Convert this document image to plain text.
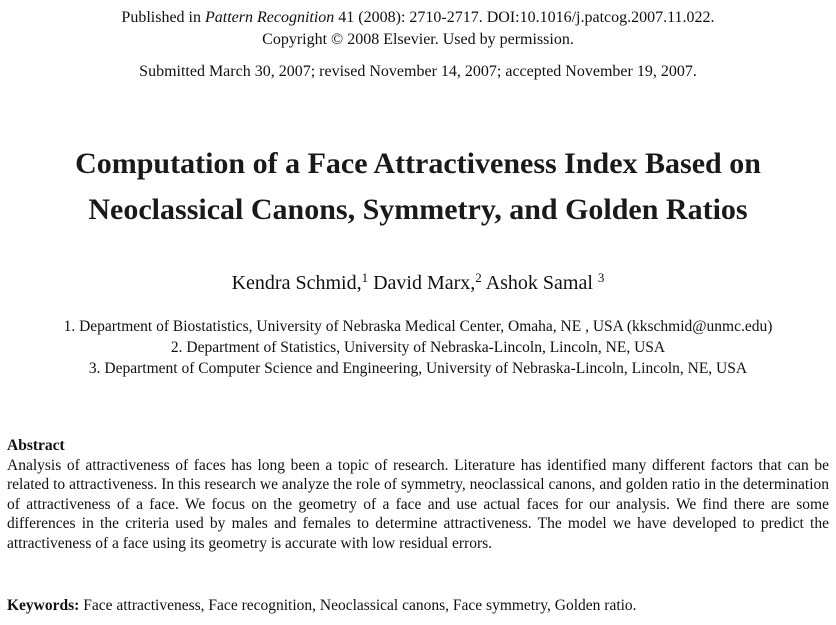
Published in Pattern Recognition 41 (2008): 2710-2717. DOI:10.1016/j.patcog.2007.11.022.
Copyright © 2008 Elsevier. Used by permission.
Submitted March 30, 2007; revised November 14, 2007; accepted November 19, 2007.
Computation of a Face Attractiveness Index Based on
Neoclassical Canons, Symmetry, and Golden Ratios
Kendra Schmid,$^1$ David Marx,$^2$ Ashok Samal $^3$
1. Department of Biostatistics, University of Nebraska Medical Center, Omaha, NE , USA (kkschmid@unmc.edu)
2. Department of Statistics, University of Nebraska-Lincoln, Lincoln, NE, USA
3. Department of Computer Science and Engineering, University of Nebraska-Lincoln, Lincoln, NE, USA
Abstract
Analysis of attractiveness of faces has long been a topic of research. Literature has identified many different factors that can be related to attractiveness. In this research we analyze the role of symmetry, neoclassical canons, and golden ratio in the determination of attractiveness of a face. We focus on the geometry of a face and use actual faces for our analysis. We find there are some differences in the criteria used by males and females to determine attractiveness. The model we have developed to predict the attractiveness of a face using its geometry is accurate with low residual errors.
Keywords: Face attractiveness, Face recognition, Neoclassical canons, Face symmetry, Golden ratio.
